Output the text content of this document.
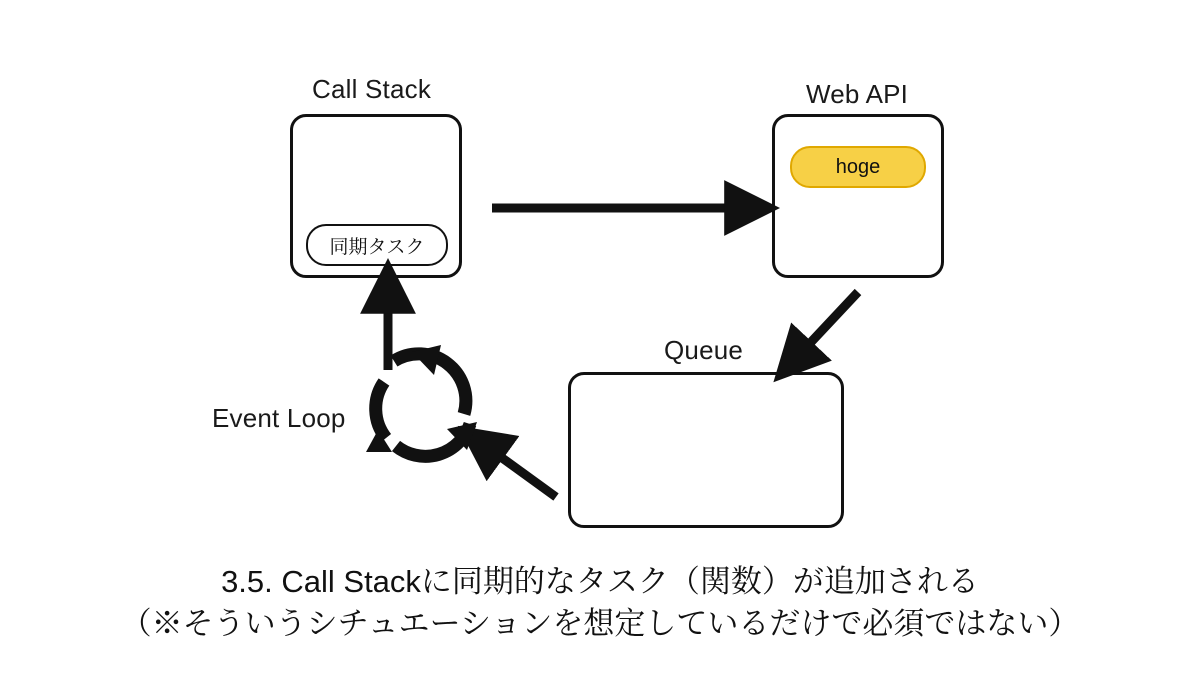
Call Stack	Web API
Queue
Event Loop
同期タスク
hoge
3.5. Call Stackに同期的なタスク（関数）が追加される
（※そういうシチュエーションを想定しているだけで必須ではない）
